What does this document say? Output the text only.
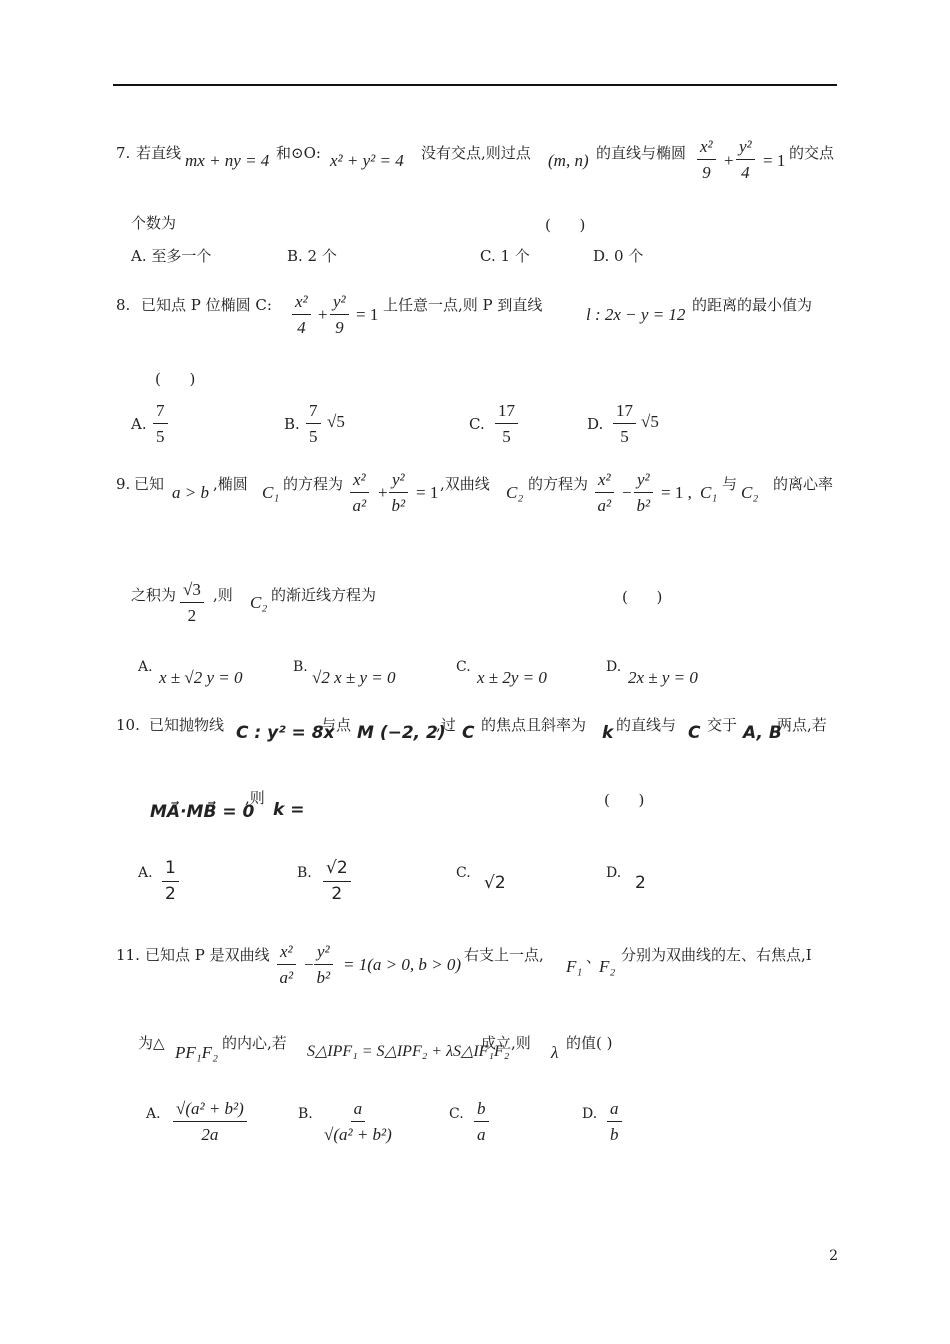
7. 若直线 mx + ny = 4 和⊙O: x² + y² = 4 没有交点,则过点 (m, n) 的直线与椭圆 $\frac{\text{x²}}{9} + \frac{\text{y²}}{4} = 1$ 的交点
个数为	(      )
A. 至多一个	B. 2 个	C. 1 个	D. 0 个
8. 已知点 P 位椭圆 C: $\frac{\text{x²}}{4} + \frac{\text{y²}}{9} = 1$ 上任意一点,则 P 到直线	l : 2x − y = 12 的距离的最小值为
(      )
A. $\frac{7}{5}$	B. $\frac{7}{5} √5$	C. $\frac{17}{5}$	D. $\frac{17}{5} √5$
9. 已知 a > b ,椭圆 C₁ 的方程为 $\frac{\text{x²}}{\text{a²}} + \frac{\text{y²}}{\text{b²}} = 1$ ,双曲线 C₂ 的方程为 $\frac{\text{x²}}{\text{a²}} - \frac{\text{y²}}{\text{b²}} = 1$ , C₁ 与 C₂ 的离心率
之积为 $\frac{√3}{2}$ ,则 C₂ 的渐近线方程为	(      )
A.
x ± √2 y = 0
B.
√2 x ± y = 0
C.
x ± 2y = 0
D.
2x ± y = 0
10. 已知抛物线 C : y² = 8x
与点 M (−2, 2)
,过 C 的焦点且斜率为 k 的直线与 C 交于 A, B
两点,若
MA⃗·MB⃗ = 0
,则
k =	(      )
A. $\frac{1}{2}$	B. $\frac{√2}{2}$	C. √2	D. 2
11. 已知点 P 是双曲线 $\frac{\text{x²}}{\text{a²}} - \frac{\text{y²}}{\text{b²}} = 1(a > 0$, b > 0) 右支上一点,
F₁ 、
F₂
分别为双曲线的左、右焦点,I
为△ PF₁F₂ 的内心,若 S△IPF₁ = S△IPF₂ + λS△IF₁F₂
成立,则 λ 的值( )
A. $\frac{\text{√(a² + b²)}}{2a}$	B. $\frac{a}{\text{√(a² + b²)}}$	C. $\frac{b}{a}$	D. $\frac{a}{b}$
2
